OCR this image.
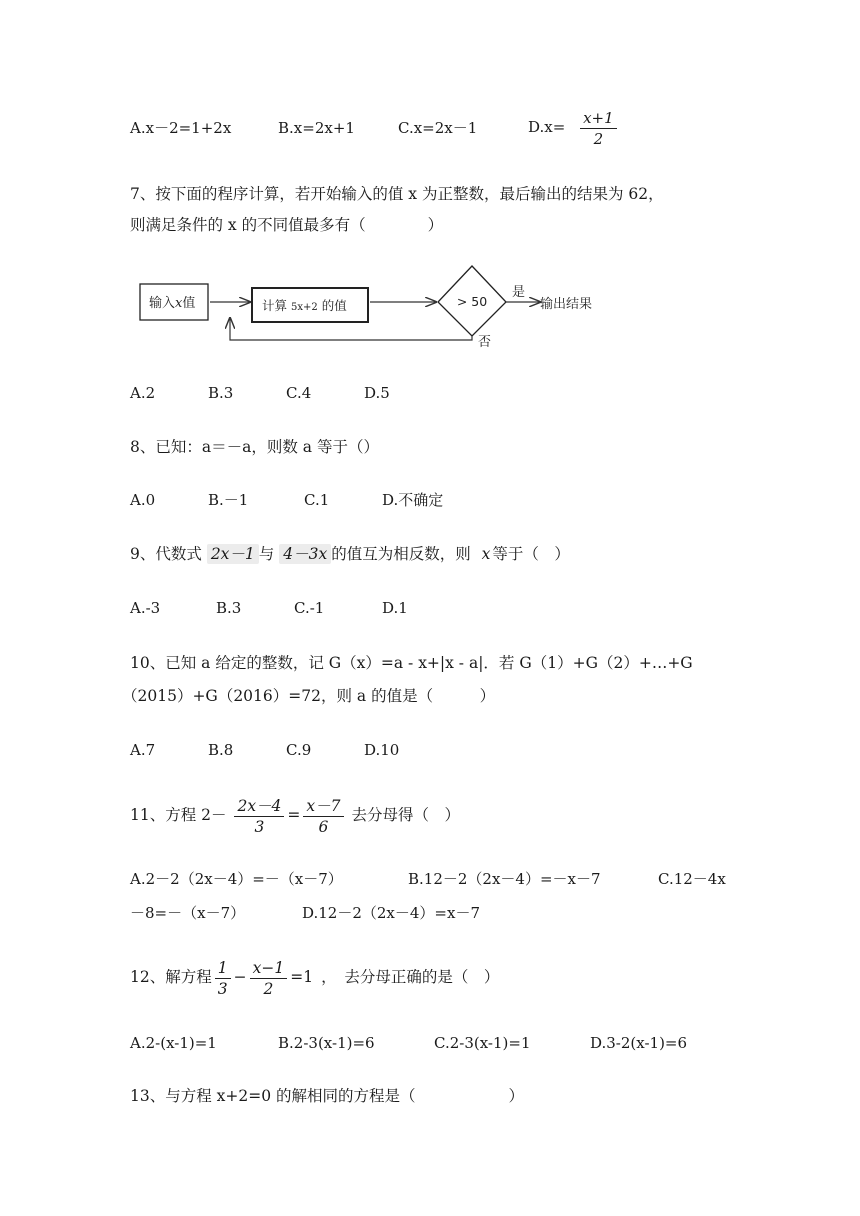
A.x－2=1+2x	B.x=2x+1	C.x=2x－1	$D.x= \frac{x+1}{2}$
7、按下面的程序计算，若开始输入的值 x 为正整数，最后输出的结果为 62，
则满足条件的 x 的不同值最多有（　　　　）
输入x值	计算 5x+2 的值	> 50
是
输出结果
否
A.2	B.3	C.4	D.5
8、已知：a＝－a，则数 a 等于（）
A.0	B.－1	C.1	D.不确定
9、代数式 2x－1 与 4－3x 的值互为相反数，则 x 等于（　）
A.-3	B.3	C.-1	D.1
10、已知 a 给定的整数，记 G（x）=a - x+|x - a|．若 G（1）+G（2）+…+G
（2015）+G（2016）=72，则 a 的值是（　　　）
A.7	B.8	C.9	D.10
11、方程 $2- \frac{2x-4}{3} = \frac{x-7}{6}$ 去分母得（　）
A.2－2（2x－4）=－（x－7）	B.12－2（2x－4）=－x－7	C.12－4x
－8=－（x－7）	D.12－2（2x－4）=x－7
12、解方程 $\frac{1}{3} - \frac{x-1}{2} =1$ ，　去分母正确的是（　）
A.2-(x-1)=1	B.2-3(x-1)=6	C.2-3(x-1)=1	D.3-2(x-1)=6
13、与方程 x+2=0 的解相同的方程是（　　　　　　）
